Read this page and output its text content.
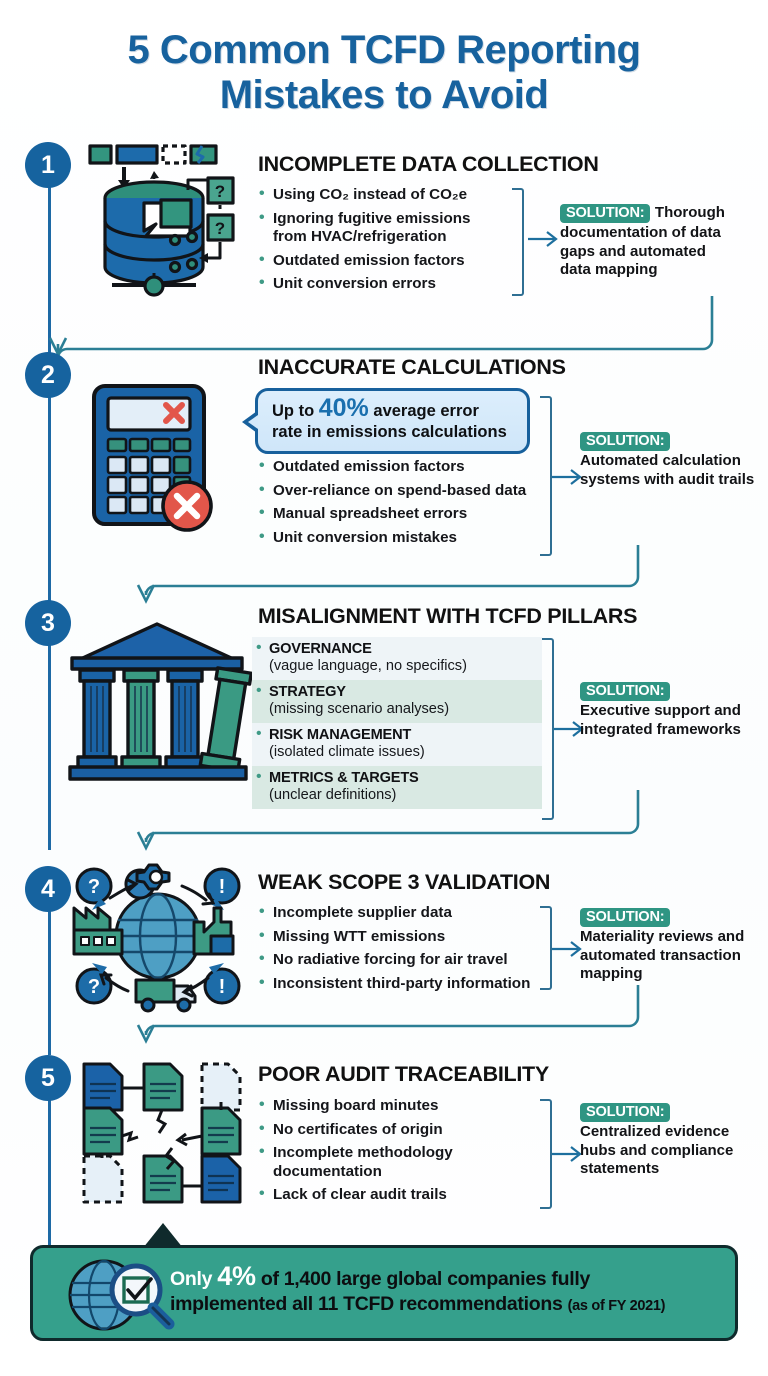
5 Common TCFD Reporting
Mistakes to Avoid
1
?
?
INCOMPLETE DATA COLLECTION
• Using CO₂ instead of CO₂e
• Ignoring fugitive emissions from HVAC/refrigeration
• Outdated emission factors
• Unit conversion errors
SOLUTION: Thorough
documentation of data gaps and automated data mapping
2	INACCURATE CALCULATIONS
Up to 40% average error
rate in emissions calculations
• Outdated emission factors
• Over-reliance on spend-based data
• Manual spreadsheet errors
• Unit conversion mistakes
SOLUTION:
Automated calculation systems with audit trails
3	MISALIGNMENT WITH TCFD PILLARS
• GOVERNANCE
(vague language, no specifics)
• STRATEGY
(missing scenario analyses)
• RISK MANAGEMENT
(isolated climate issues)
• METRICS & TARGETS
(unclear definitions)
SOLUTION:
Executive support and integrated frameworks
4 ?	!
?	!
WEAK SCOPE 3 VALIDATION
• Incomplete supplier data
• Missing WTT emissions
• No radiative forcing for air travel
• Inconsistent third-party information
SOLUTION:
Materiality reviews and automated transaction mapping
5	POOR AUDIT TRACEABILITY
• Missing board minutes
• No certificates of origin
• Incomplete methodology documentation
• Lack of clear audit trails
SOLUTION:
Centralized evidence hubs and compliance statements
Only 4% of 1,400 large global companies fully
implemented all 11 TCFD recommendations (as of FY 2021)
